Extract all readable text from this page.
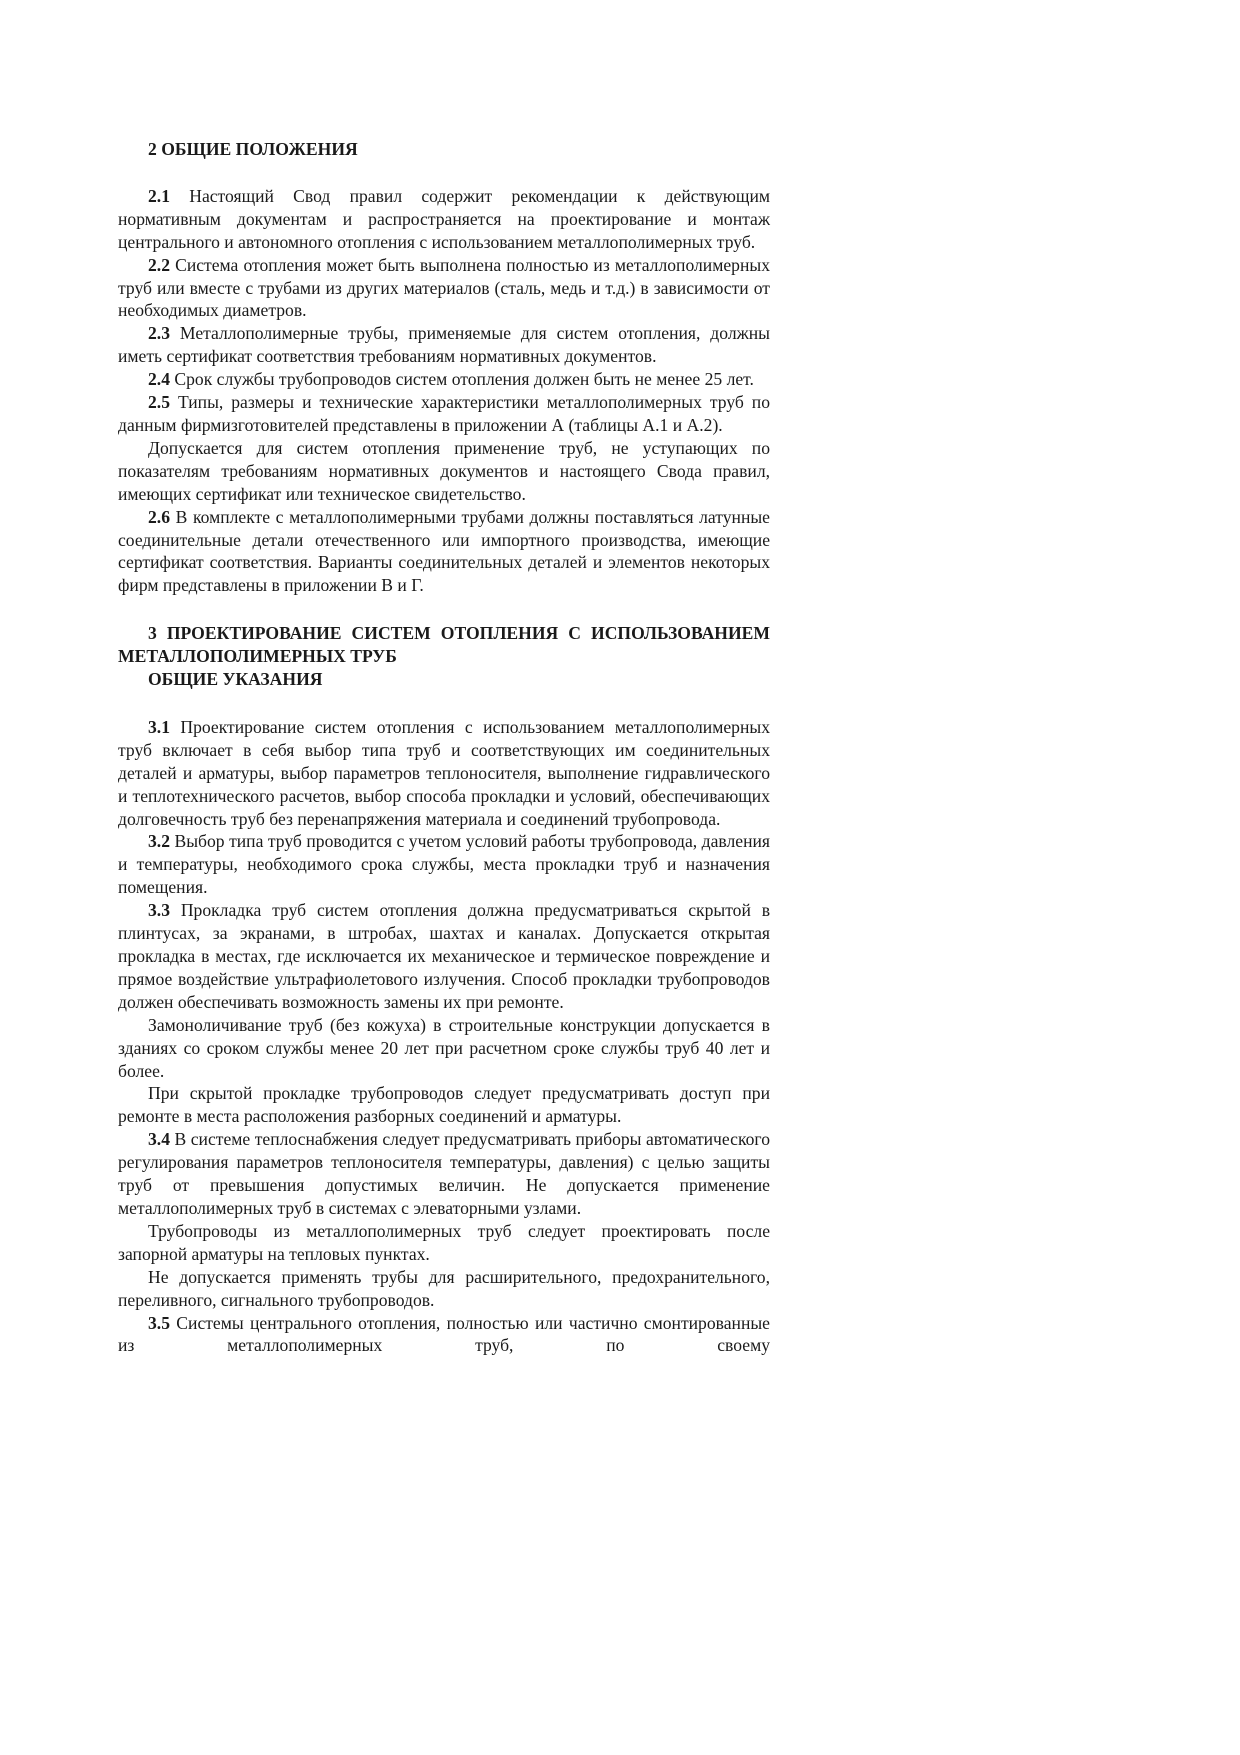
2 ОБЩИЕ ПОЛОЖЕНИЯ

2.1 Настоящий Свод правил содержит рекомендации к действующим нормативным документам и распространяется на проектирование и монтаж центрального и автономного отопления с использованием металлополимерных труб.

2.2 Система отопления может быть выполнена полностью из металлополимерных труб или вместе с трубами из других материалов (сталь, медь и т.д.) в зависимости от необходимых диаметров.

2.3 Металлополимерные трубы, применяемые для систем отопления, должны иметь сертификат соответствия требованиям нормативных документов.

2.4 Срок службы трубопроводов систем отопления должен быть не менее 25 лет.

2.5 Типы, размеры и технические характеристики металлополимерных труб по данным фирмизготовителей представлены в приложении А (таблицы А.1 и А.2).

Допускается для систем отопления применение труб, не уступающих по показателям требованиям нормативных документов и настоящего Свода правил, имеющих сертификат или техническое свидетельство.

2.6 В комплекте с металлополимерными трубами должны поставляться латунные соединительные детали отечественного или импортного производства, имеющие сертификат соответствия. Варианты соединительных деталей и элементов некоторых фирм представлены в приложении В и Г.

3 ПРОЕКТИРОВАНИЕ СИСТЕМ ОТОПЛЕНИЯ С ИСПОЛЬЗОВАНИЕМ МЕТАЛЛОПОЛИМЕРНЫХ ТРУБ
ОБЩИЕ УКАЗАНИЯ

3.1 Проектирование систем отопления с использованием металлополимерных труб включает в себя выбор типа труб и соответствующих им соединительных деталей и арматуры, выбор параметров теплоносителя, выполнение гидравлического и теплотехнического расчетов, выбор способа прокладки и условий, обеспечивающих долговечность труб без перенапряжения материала и соединений трубопровода.

3.2 Выбор типа труб проводится с учетом условий работы трубопровода, давления и температуры, необходимого срока службы, места прокладки труб и назначения помещения.

3.3 Прокладка труб систем отопления должна предусматриваться скрытой в плинтусах, за экранами, в штробах, шахтах и каналах. Допускается открытая прокладка в местах, где исключается их механическое и термическое повреждение и прямое воздействие ультрафиолетового излучения. Способ прокладки трубопроводов должен обеспечивать возможность замены их при ремонте.

Замоноличивание труб (без кожуха) в строительные конструкции допускается в зданиях со сроком службы менее 20 лет при расчетном сроке службы труб 40 лет и более.

При скрытой прокладке трубопроводов следует предусматривать доступ при ремонте в места расположения разборных соединений и арматуры.

3.4 В системе теплоснабжения следует предусматривать приборы автоматического регулирования параметров теплоносителя температуры, давления) с целью защиты труб от превышения допустимых величин. Не допускается применение металлополимерных труб в системах с элеваторными узлами.

Трубопроводы из металлополимерных труб следует проектировать после запорной арматуры на тепловых пунктах.

Не допускается применять трубы для расширительного, предохранительного, переливного, сигнального трубопроводов.

3.5 Системы центрального отопления, полностью или частично смонтированные из металлополимерных труб, по своему
